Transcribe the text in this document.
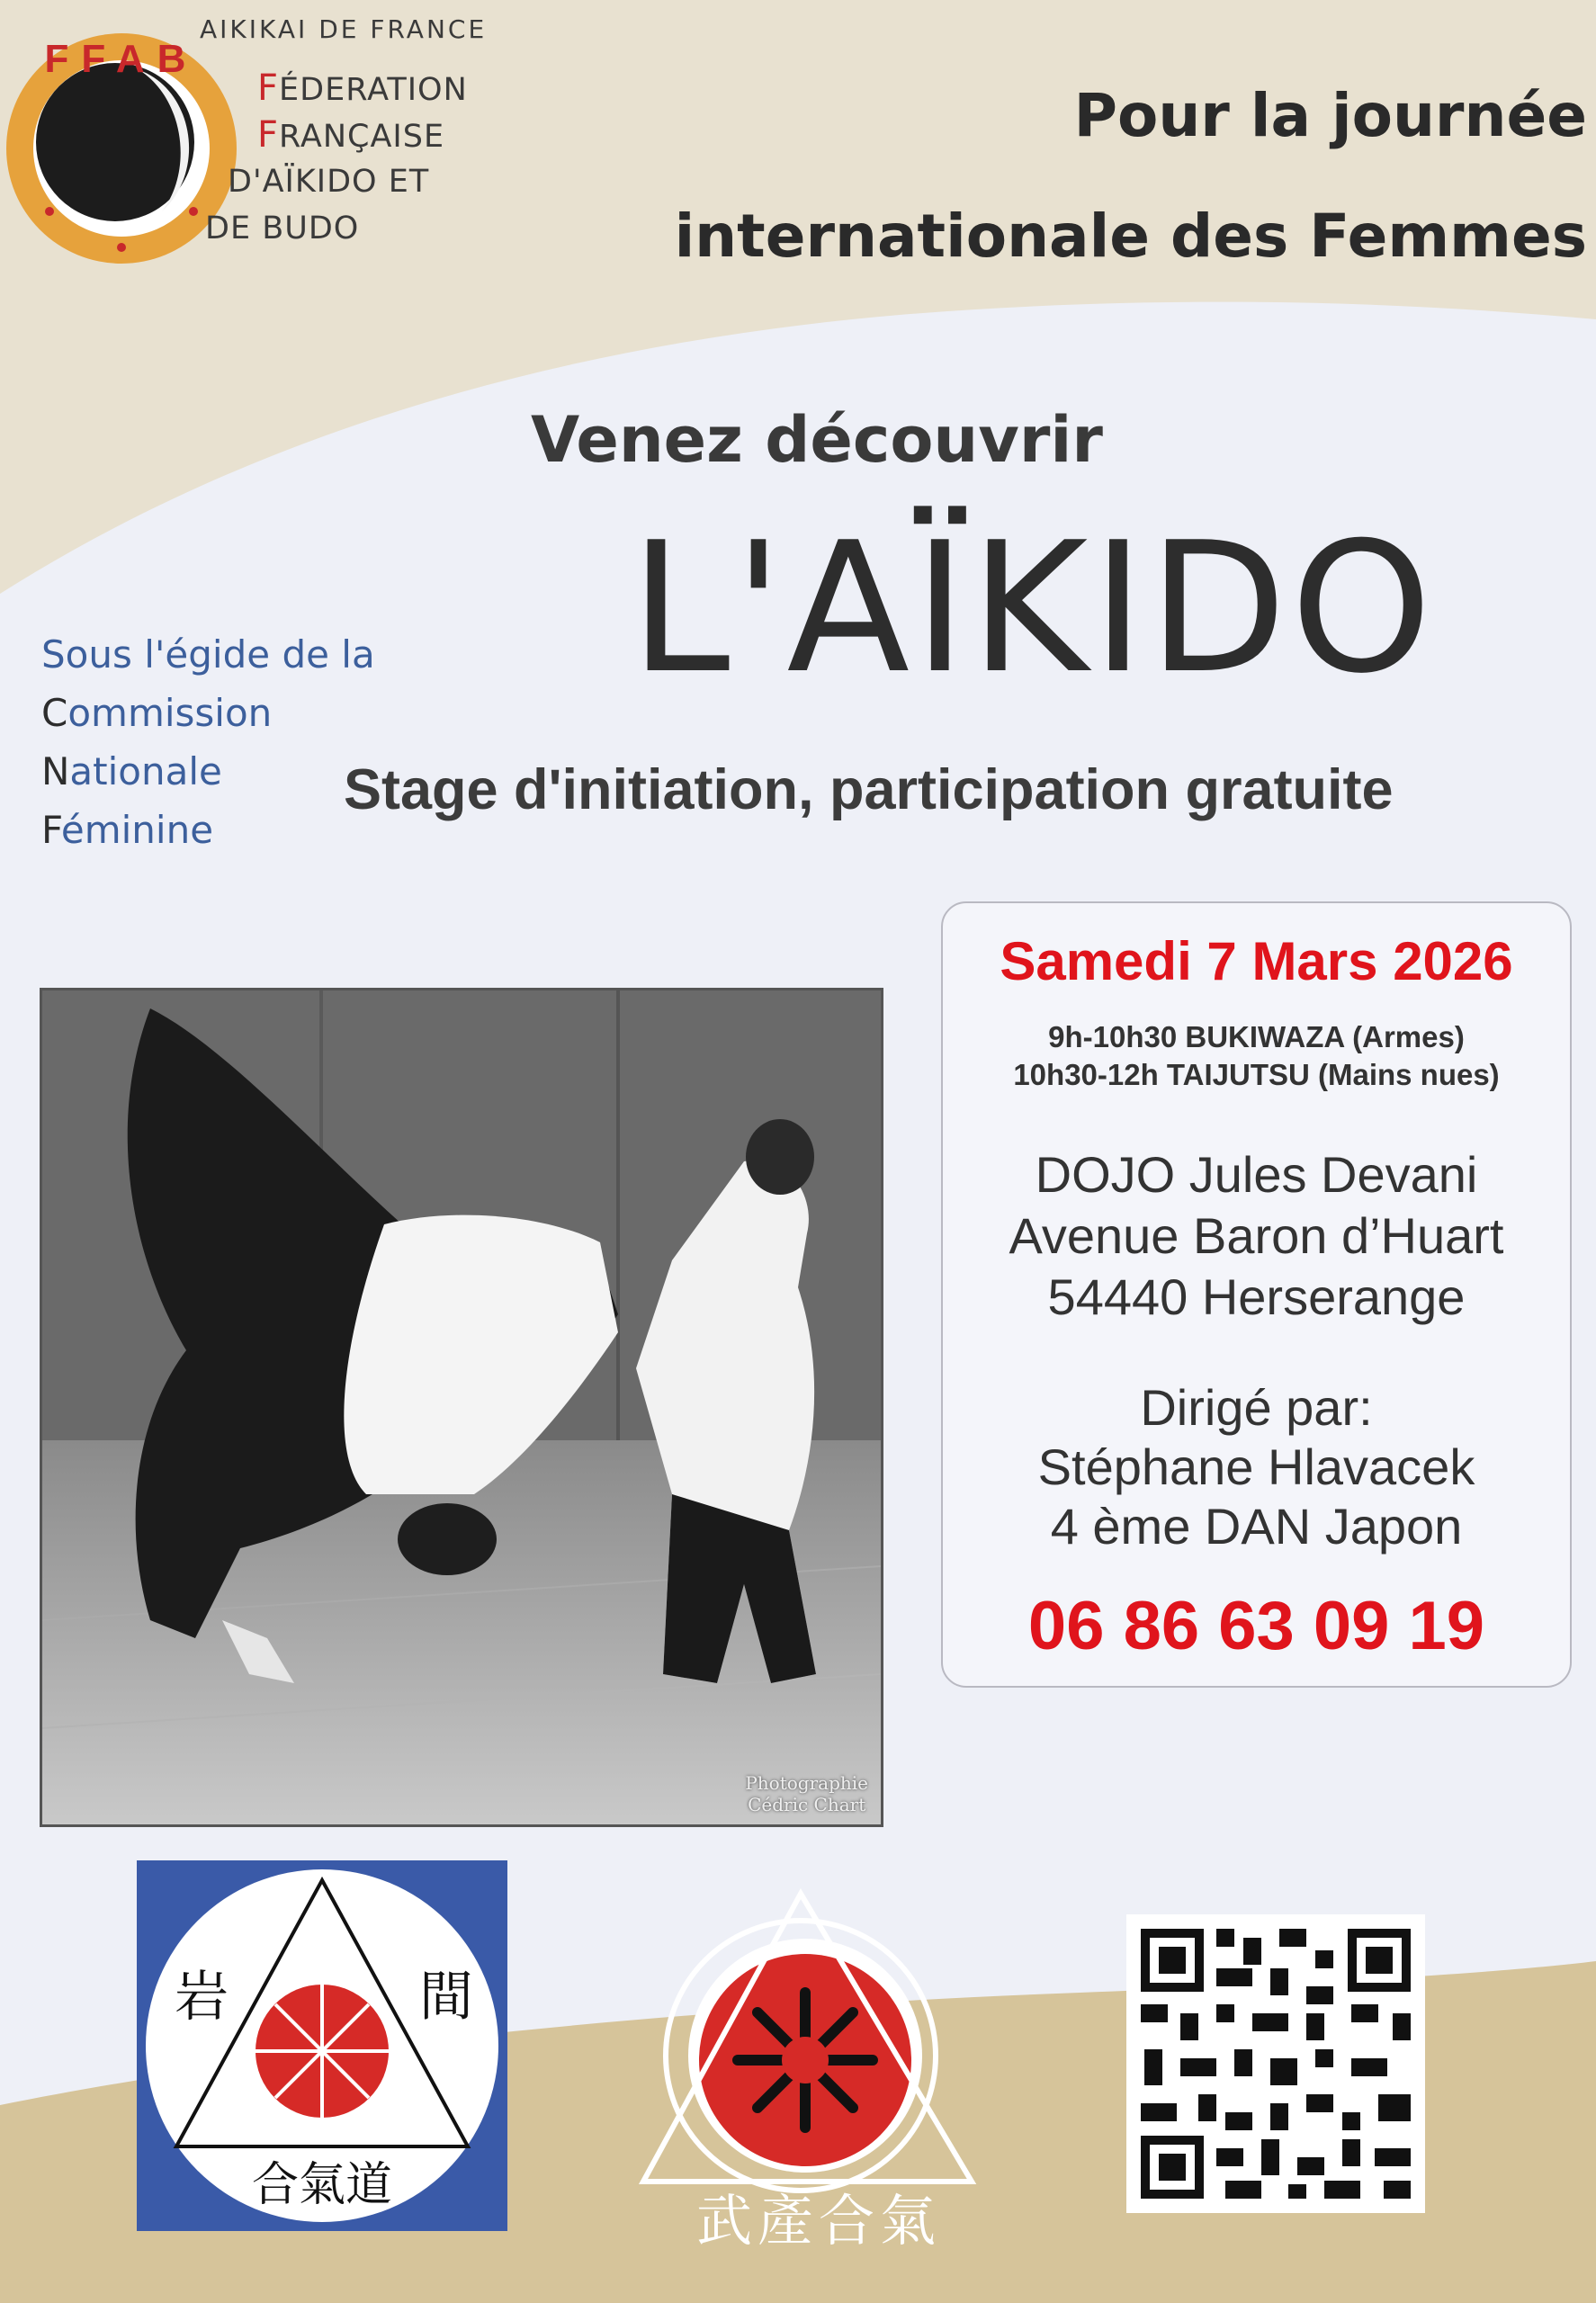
FFAB
AIKIKAI DE FRANCE
FÉDERATION
FRANÇAISE
D'AÏKIDO ET
DE BUDO
Pour la journée
internationale des Femmes
Venez découvrir
L'AÏKIDO
Stage d'initiation, participation gratuite
Sous l'égide de la
Commission
Nationale
Féminine
Photographie
Cédric Chart
Samedi 7 Mars 2026
9h-10h30 BUKIWAZA (Armes)
10h30-12h TAIJUTSU (Mains nues)
DOJO Jules Devani
Avenue Baron d’Huart
54440 Herserange
Dirigé par:
Stéphane Hlavacek
4 ème DAN Japon
06 86 63 09 19
岩	間
合氣道
武產合氣
